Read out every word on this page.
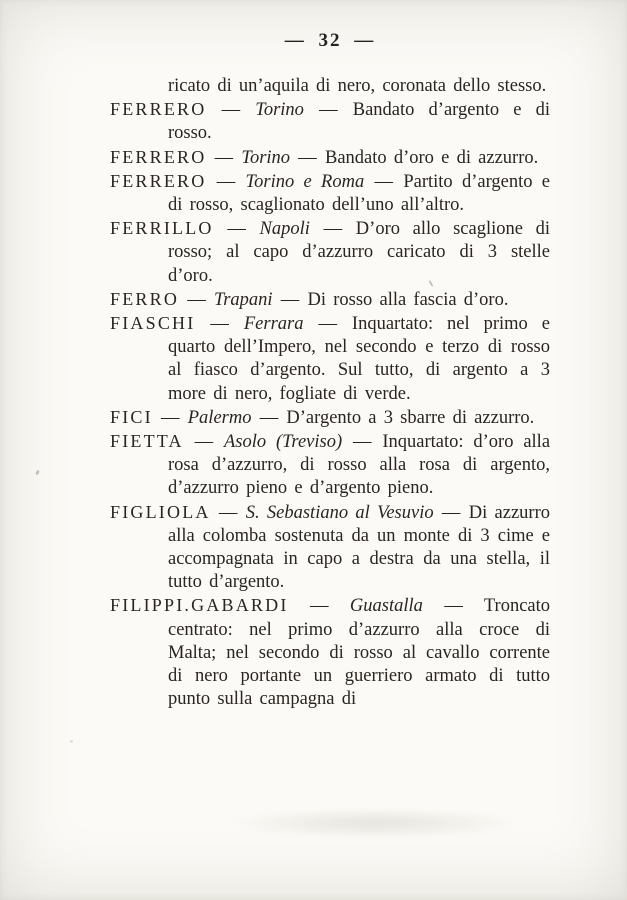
— 32 —

ricato di un’aquila di nero, coronata dello stesso.

FERRERO — Torino — Bandato d’argento e di rosso.

FERRERO — Torino — Bandato d’oro e di azzurro.

FERRERO — Torino e Roma — Partito d’argento e di rosso, scaglionato dell’uno all’altro.

FERRILLO — Napoli — D’oro allo scaglione di rosso; al capo d’azzurro caricato di 3 stelle d’oro.

FERRO — Trapani — Di rosso alla fascia d’oro.

FIASCHI — Ferrara — Inquartato: nel primo e quarto dell’Impero, nel secondo e terzo di rosso al fiasco d’argento. Sul tutto, di argento a 3 more di nero, fogliate di verde.

FICI — Palermo — D’argento a 3 sbarre di azzurro.

FIETTA — Asolo (Treviso) — Inquartato: d’oro alla rosa d’azzurro, di rosso alla rosa di argento, d’azzurro pieno e d’argento pieno.

FIGLIOLA — S. Sebastiano al Vesuvio — Di azzurro alla colomba sostenuta da un monte di 3 cime e accompagnata in capo a destra da una stella, il tutto d’argento.

FILIPPI.GABARDI — Guastalla — Troncato centrato: nel primo d’azzurro alla croce di Malta; nel secondo di rosso al cavallo corrente di nero portante un guerriero armato di tutto punto sulla campagna di
